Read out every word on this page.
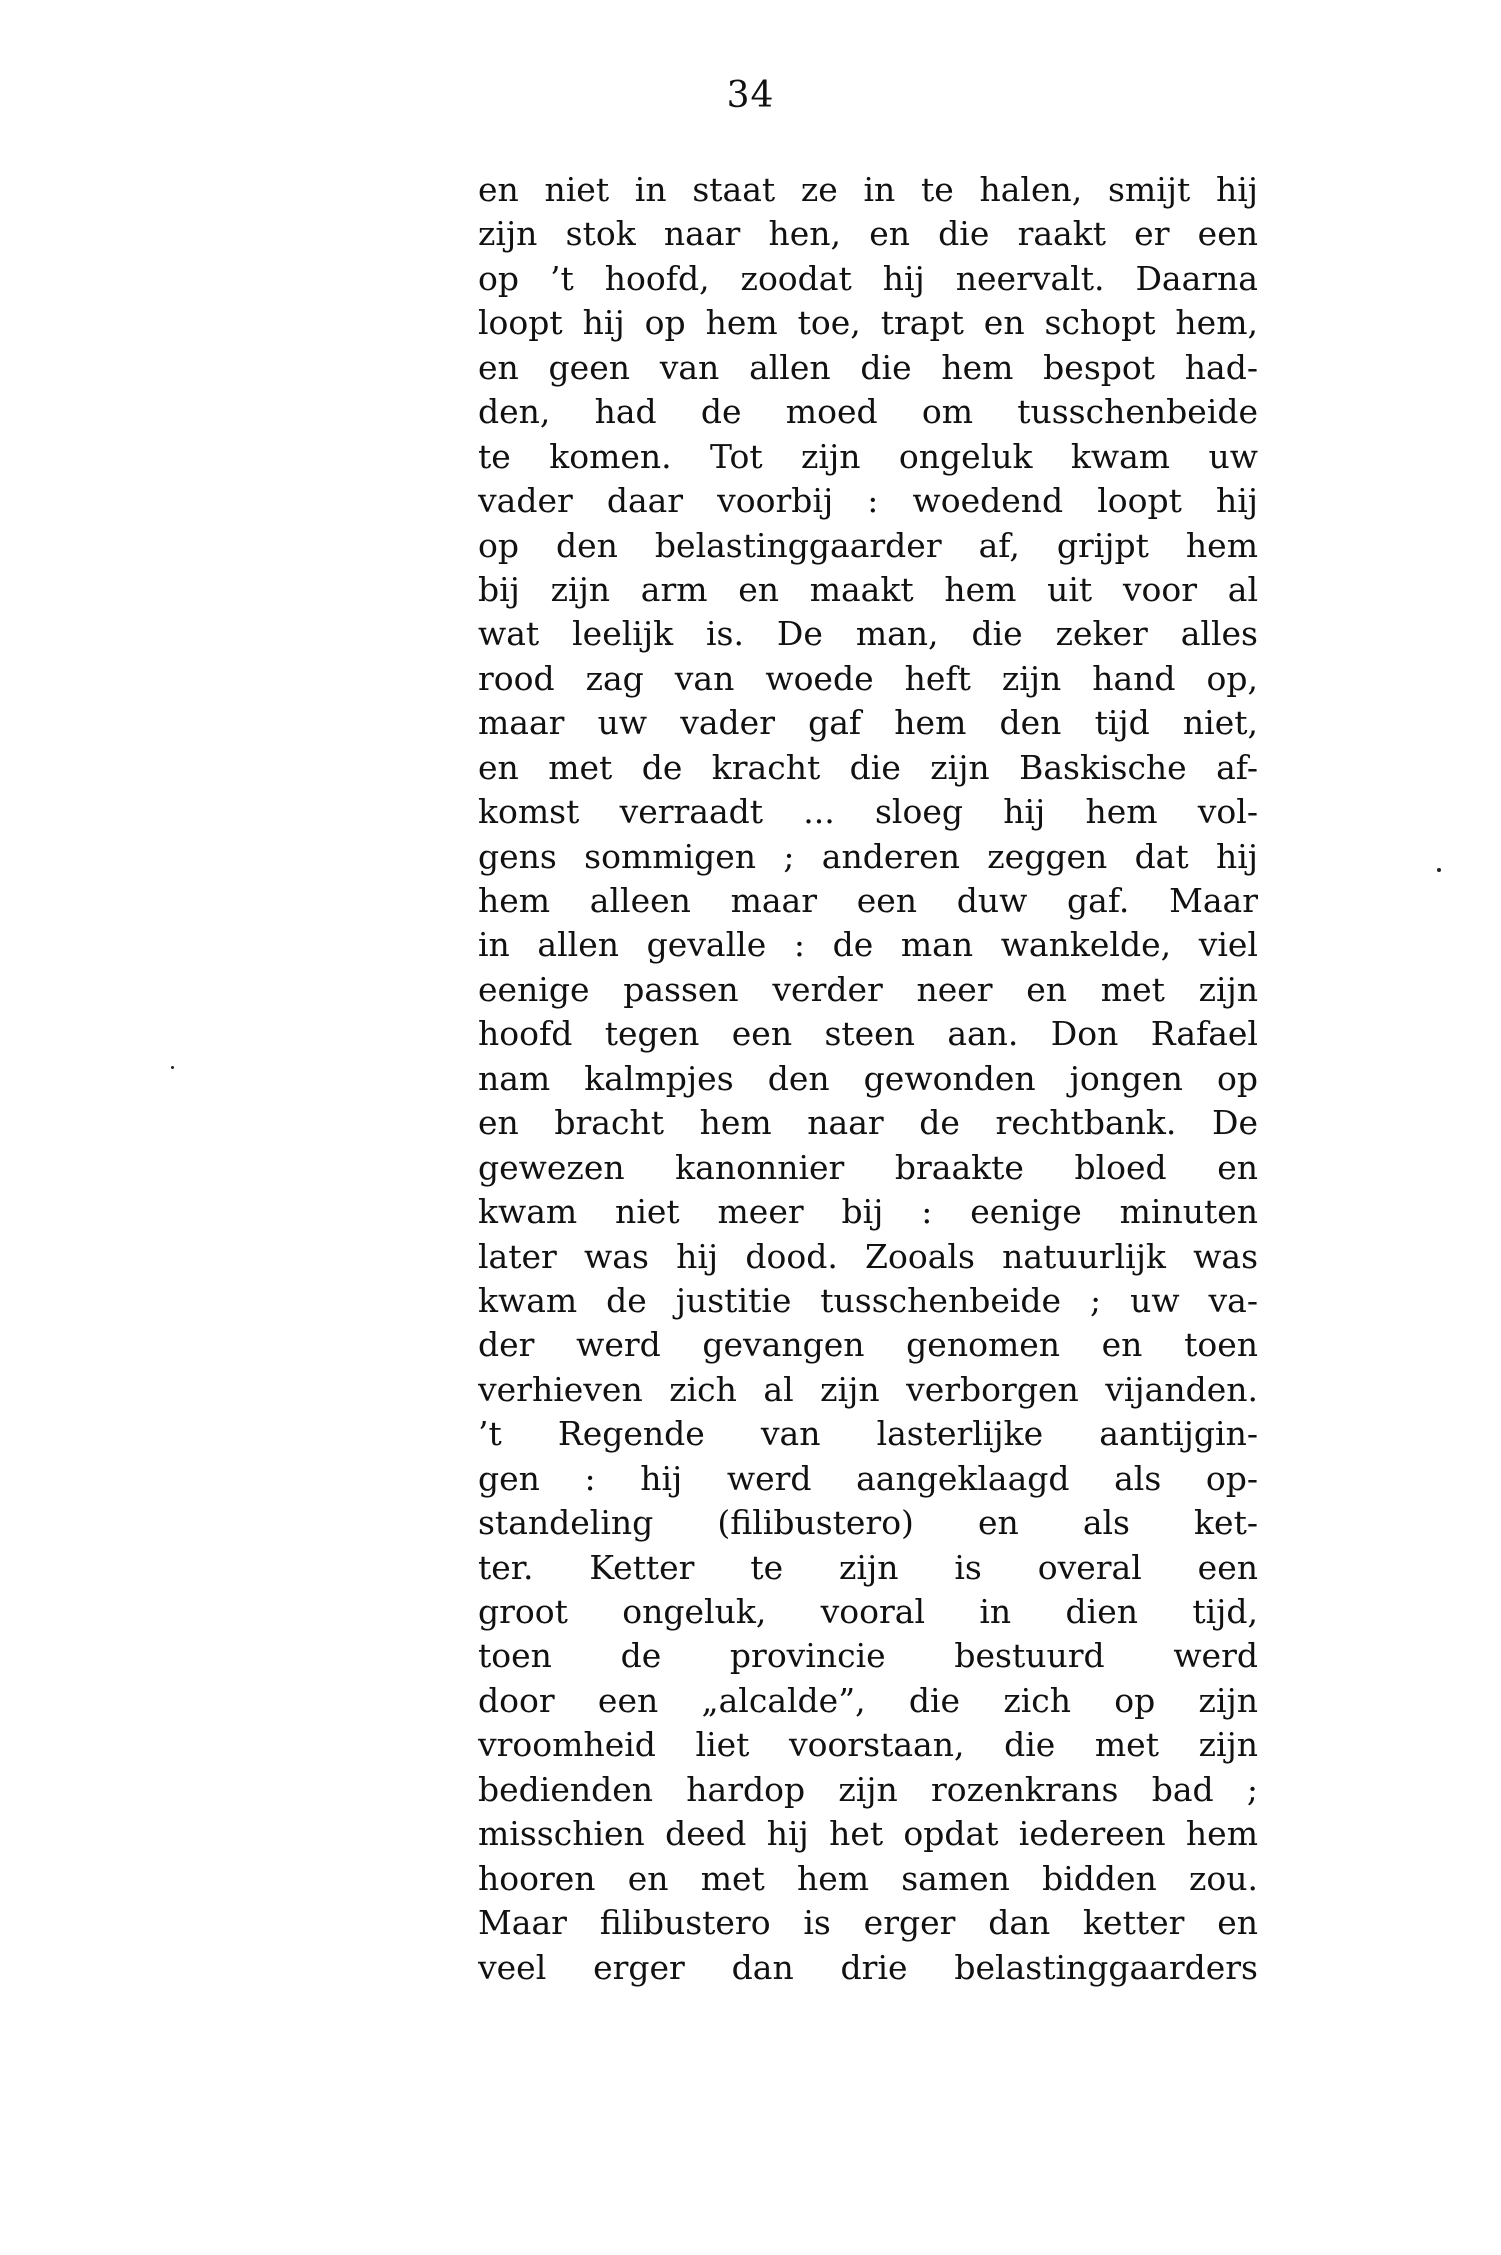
34
en niet in staat ze in te halen, smijt hij
zijn stok naar hen, en die raakt er een
op ’t hoofd, zoodat hij neervalt. Daarna
loopt hij op hem toe, trapt en schopt hem,
en geen van allen die hem bespot had-
den, had de moed om tusschenbeide
te komen. Tot zijn ongeluk kwam uw
vader daar voorbij : woedend loopt hij
op den belastinggaarder af, grijpt hem
bij zijn arm en maakt hem uit voor al
wat leelijk is. De man, die zeker alles
rood zag van woede heft zijn hand op,
maar uw vader gaf hem den tijd niet,
en met de kracht die zijn Baskische af-
komst verraadt ... sloeg hij hem vol-
gens sommigen ; anderen zeggen dat hij
hem alleen maar een duw gaf. Maar
in allen gevalle : de man wankelde, viel
eenige passen verder neer en met zijn
hoofd tegen een steen aan. Don Rafael
nam kalmpjes den gewonden jongen op
en bracht hem naar de rechtbank. De
gewezen kanonnier braakte bloed en
kwam niet meer bij : eenige minuten
later was hij dood. Zooals natuurlijk was
kwam de justitie tusschenbeide ; uw va-
der werd gevangen genomen en toen
verhieven zich al zijn verborgen vijanden.
’t Regende van lasterlijke aantijgin-
gen : hij werd aangeklaagd als op-
standeling (filibustero) en als ket-
ter. Ketter te zijn is overal een
groot ongeluk, vooral in dien tijd,
toen de provincie bestuurd werd
door een „alcalde”, die zich op zijn
vroomheid liet voorstaan, die met zijn
bedienden hardop zijn rozenkrans bad ;
misschien deed hij het opdat iedereen hem
hooren en met hem samen bidden zou.
Maar filibustero is erger dan ketter en
veel erger dan drie belastinggaarders
